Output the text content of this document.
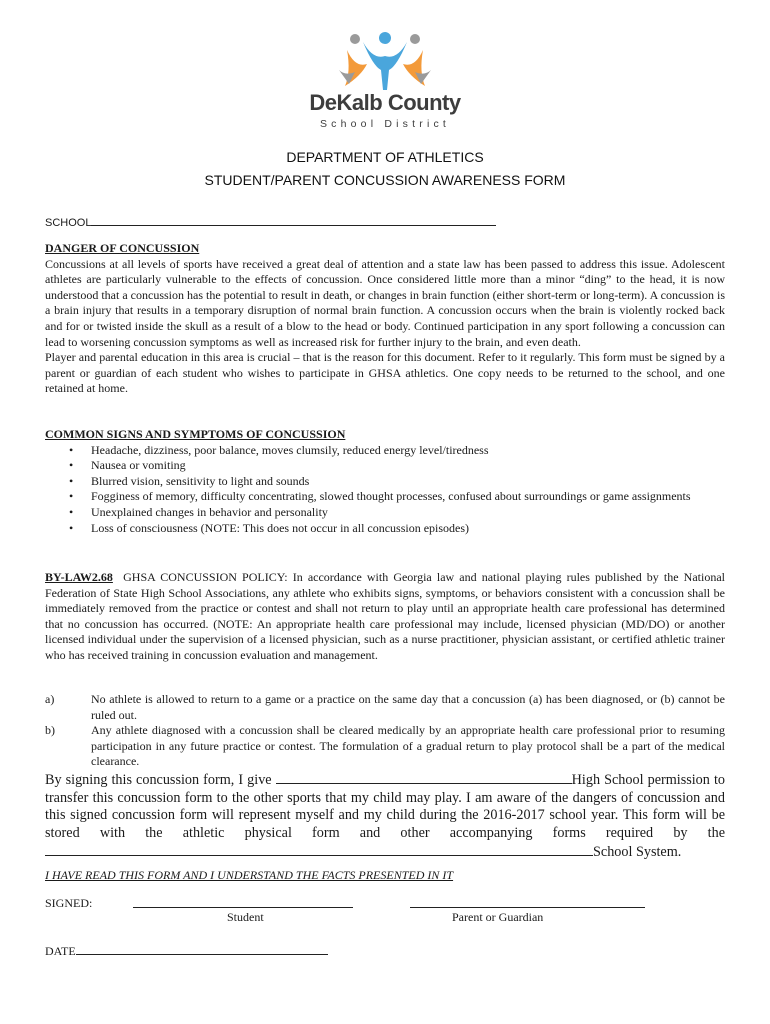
DeKalb County
School District
DEPARTMENT OF ATHLETICS
STUDENT/PARENT CONCUSSION AWARENESS FORM
SCHOOL
DANGER OF CONCUSSION
Concussions at all levels of sports have received a great deal of attention and a state law has been passed to address this issue. Adolescent athletes are particularly vulnerable to the effects of concussion. Once considered little more than a minor “ding” to the head, it is now understood that a concussion has the potential to result in death, or changes in brain function (either short-term or long-term). A concussion is a brain injury that results in a temporary disruption of normal brain function. A concussion occurs when the brain is violently rocked back and for or twisted inside the skull as a result of a blow to the head or body. Continued participation in any sport following a concussion can lead to worsening concussion symptoms as well as increased risk for further injury to the brain, and even death.
Player and parental education in this area is crucial – that is the reason for this document. Refer to it regularly. This form must be signed by a parent or guardian of each student who wishes to participate in GHSA athletics. One copy needs to be returned to the school, and one retained at home.
COMMON SIGNS AND SYMPTOMS OF CONCUSSION
• Headache, dizziness, poor balance, moves clumsily, reduced energy level/tiredness
• Nausea or vomiting
• Blurred vision, sensitivity to light and sounds
• Fogginess of memory, difficulty concentrating, slowed thought processes, confused about surroundings or game assignments
• Unexplained changes in behavior and personality
• Loss of consciousness (NOTE: This does not occur in all concussion episodes)
BY-LAW2.68 GHSA CONCUSSION POLICY: In accordance with Georgia law and national playing rules published by the National Federation of State High School Associations, any athlete who exhibits signs, symptoms, or behaviors consistent with a concussion shall be immediately removed from the practice or contest and shall not return to play until an appropriate health care professional has determined that no concussion has occurred. (NOTE: An appropriate health care professional may include, licensed physician (MD/DO) or another licensed individual under the supervision of a licensed physician, such as a nurse practitioner, physician assistant, or certified athletic trainer who has received training in concussion evaluation and management.
a)	No athlete is allowed to return to a game or a practice on the same day that a concussion (a) has been diagnosed, or (b) cannot be ruled out.
b)	Any athlete diagnosed with a concussion shall be cleared medically by an appropriate health care professional prior to resuming participation in any future practice or contest. The formulation of a gradual return to play protocol shall be a part of the medical clearance.
By signing this concussion form, I give	High School permission to transfer this concussion form to the other sports that my child may play. I am aware of the dangers of concussion and this signed concussion form will represent myself and my child during the 2016-2017 school year. This form will be stored with the athletic physical form and other accompanying forms required by the School System.
I HAVE READ THIS FORM AND I UNDERSTAND THE FACTS PRESENTED IN IT
SIGNED:
Student	Parent or Guardian
DATE
